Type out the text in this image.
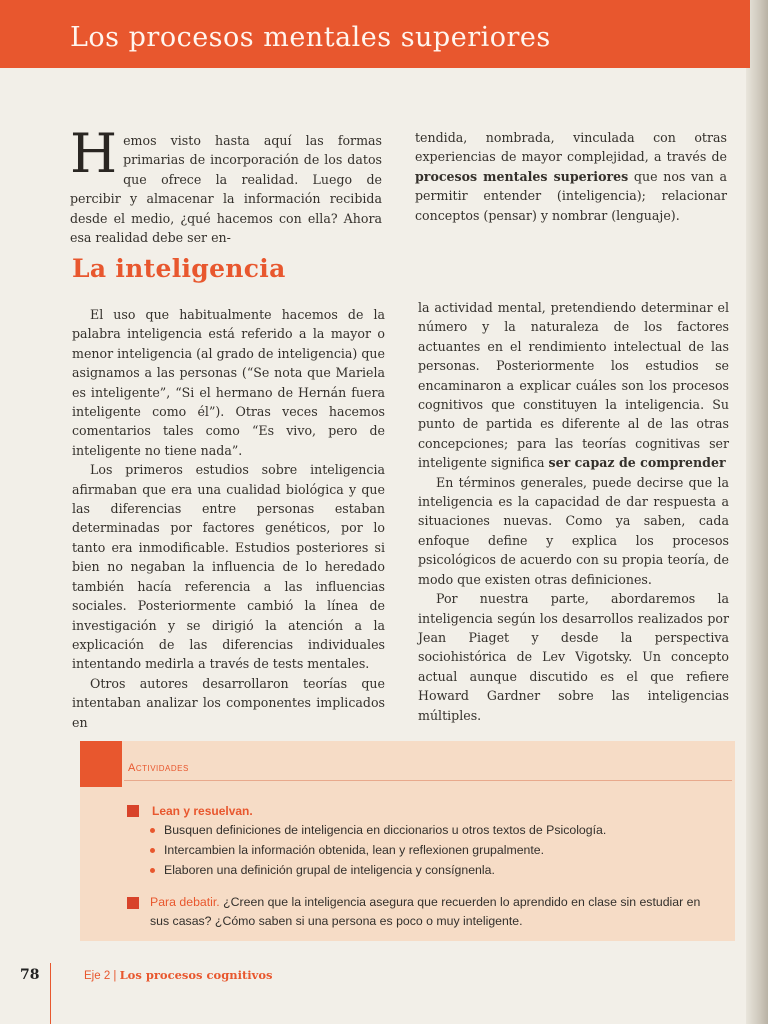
Los procesos mentales superiores
H emos visto hasta aquí las formas primarias de incorporación de los datos que ofrece la realidad. Luego de percibir y almacenar la información recibida desde el medio, ¿qué hacemos con ella? Ahora esa realidad debe ser en-
tendida, nombrada, vinculada con otras experiencias de mayor complejidad, a través de procesos mentales superiores que nos van a permitir entender (inteligencia); relacionar conceptos (pensar) y nombrar (lenguaje).
La inteligencia

El uso que habitualmente hacemos de la palabra inteligencia está referido a la mayor o menor inteligencia (al grado de inteligencia) que asignamos a las personas (“Se nota que Mariela es inteligente”, “Si el hermano de Hernán fuera inteligente como él”). Otras veces hacemos comentarios tales como “Es vivo, pero de inteligente no tiene nada”.

Los primeros estudios sobre inteligencia afirmaban que era una cualidad biológica y que las diferencias entre personas estaban determinadas por factores genéticos, por lo tanto era inmodificable. Estudios posteriores si bien no negaban la influencia de lo heredado también hacía referencia a las influencias sociales. Posteriormente cambió la línea de investigación y se dirigió la atención a la explicación de las diferencias individuales intentando medirla a través de tests mentales.

Otros autores desarrollaron teorías que intentaban analizar los componentes implicados en

la actividad mental, pretendiendo determinar el número y la naturaleza de los factores actuantes en el rendimiento intelectual de las personas. Posteriormente los estudios se encaminaron a explicar cuáles son los procesos cognitivos que constituyen la inteligencia. Su punto de partida es diferente al de las otras concepciones; para las teorías cognitivas ser inteligente significa ser capaz de comprender

En términos generales, puede decirse que la inteligencia es la capacidad de dar respuesta a situaciones nuevas. Como ya saben, cada enfoque define y explica los procesos psicológicos de acuerdo con su propia teoría, de modo que existen otras definiciones.

Por nuestra parte, abordaremos la inteligencia según los desarrollos realizados por Jean Piaget y desde la perspectiva sociohistórica de Lev Vigotsky. Un concepto actual aunque discutido es el que refiere Howard Gardner sobre las inteligencias múltiples.

Actividades
Lean y resuelvan.
Busquen definiciones de inteligencia en diccionarios u otros textos de Psicología.
Intercambien la información obtenida, lean y reflexionen grupalmente.
Elaboren una definición grupal de inteligencia y consígnenla.

Para debatir. ¿Creen que la inteligencia asegura que recuerden lo aprendido en clase sin estudiar en sus casas? ¿Cómo saben si una persona es poco o muy inteligente.

78	Eje 2 | Los procesos cognitivos
